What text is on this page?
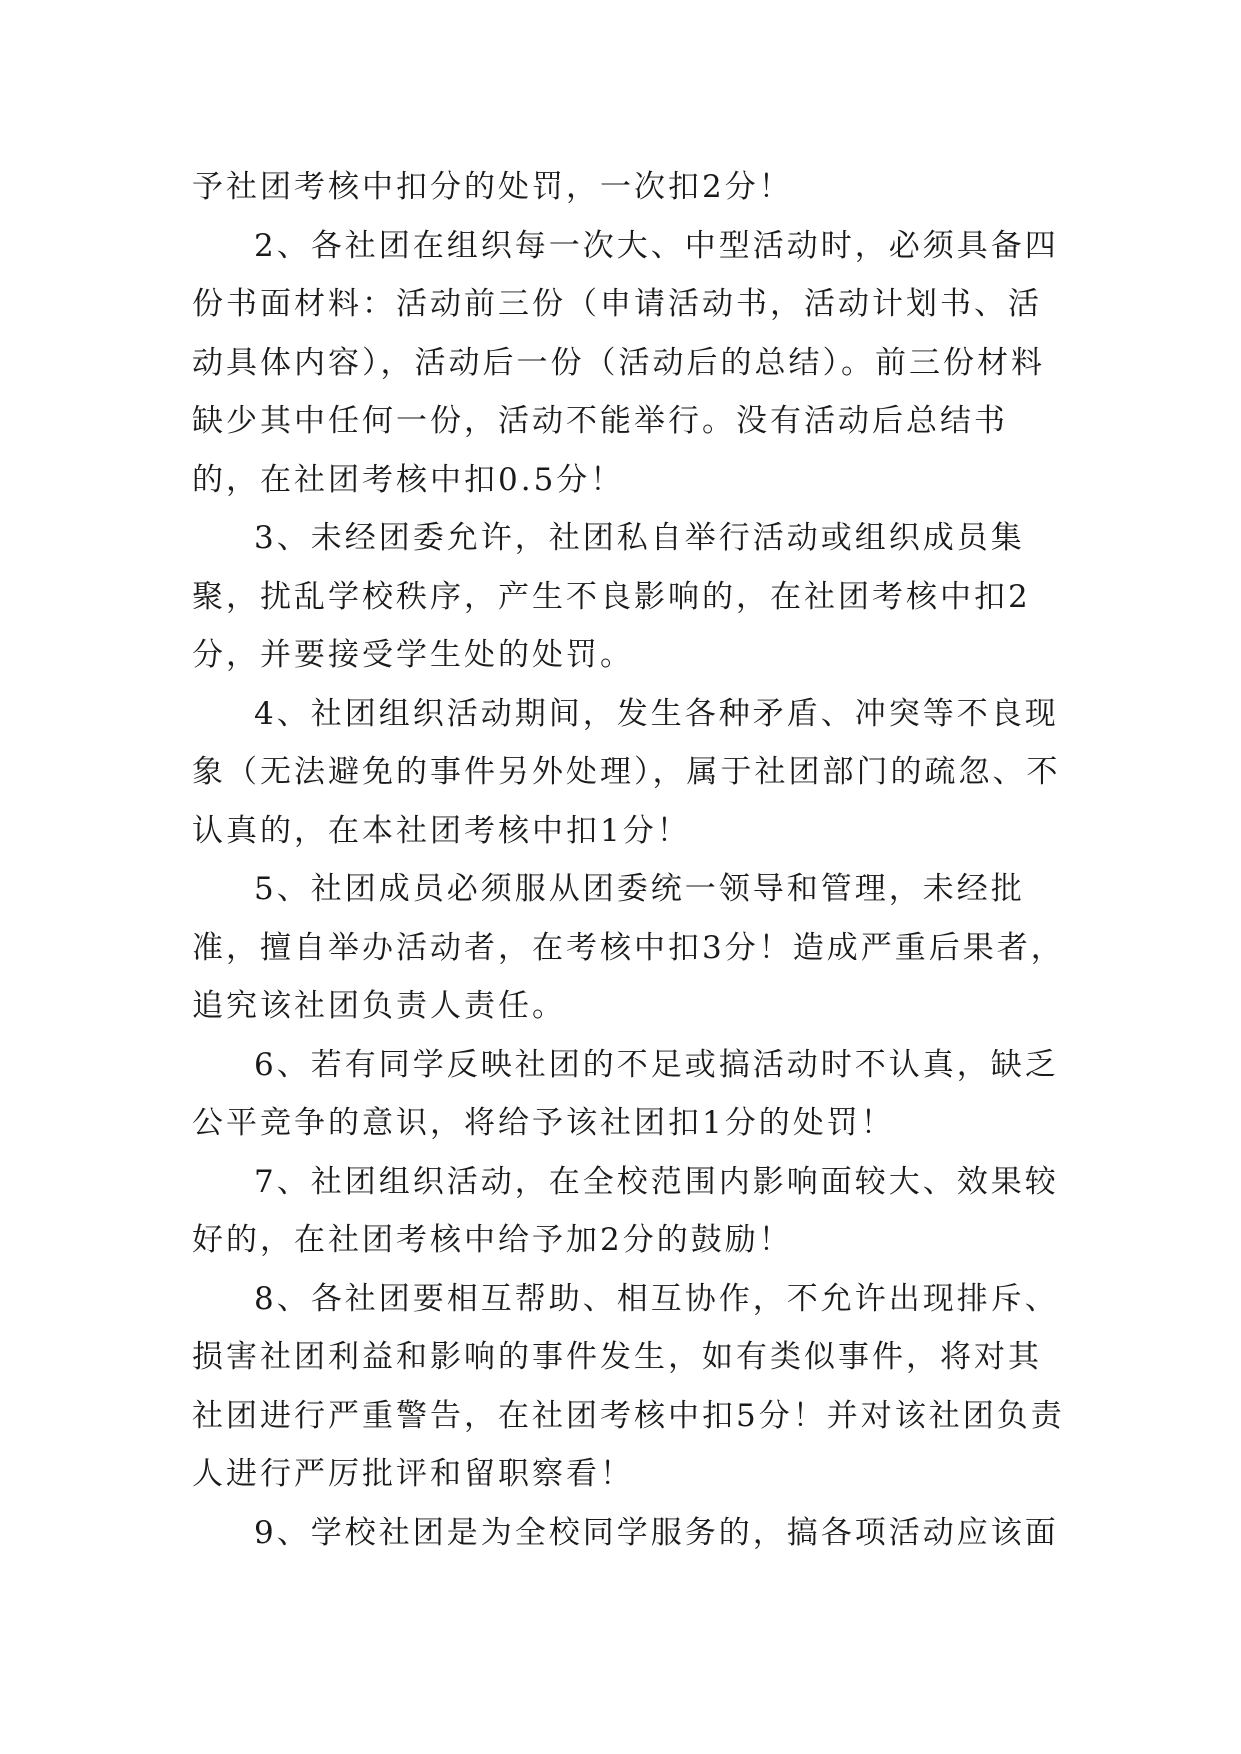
予社团考核中扣分的处罚，一次扣2分！

2、各社团在组织每一次大、中型活动时，必须具备四份书面材料：活动前三份（申请活动书，活动计划书、活动具体内容），活动后一份（活动后的总结）。前三份材料缺少其中任何一份，活动不能举行。没有活动后总结书的，在社团考核中扣0.5分！

3、未经团委允许，社团私自举行活动或组织成员集聚，扰乱学校秩序，产生不良影响的，在社团考核中扣2分，并要接受学生处的处罚。

4、社团组织活动期间，发生各种矛盾、冲突等不良现象（无法避免的事件另外处理），属于社团部门的疏忽、不认真的，在本社团考核中扣1分！

5、社团成员必须服从团委统一领导和管理，未经批准，擅自举办活动者，在考核中扣3分！造成严重后果者，追究该社团负责人责任。

6、若有同学反映社团的不足或搞活动时不认真，缺乏公平竞争的意识，将给予该社团扣1分的处罚！

7、社团组织活动，在全校范围内影响面较大、效果较好的，在社团考核中给予加2分的鼓励！

8、各社团要相互帮助、相互协作，不允许出现排斥、损害社团利益和影响的事件发生，如有类似事件，将对其社团进行严重警告，在社团考核中扣5分！并对该社团负责人进行严厉批评和留职察看！

9、学校社团是为全校同学服务的，搞各项活动应该面
